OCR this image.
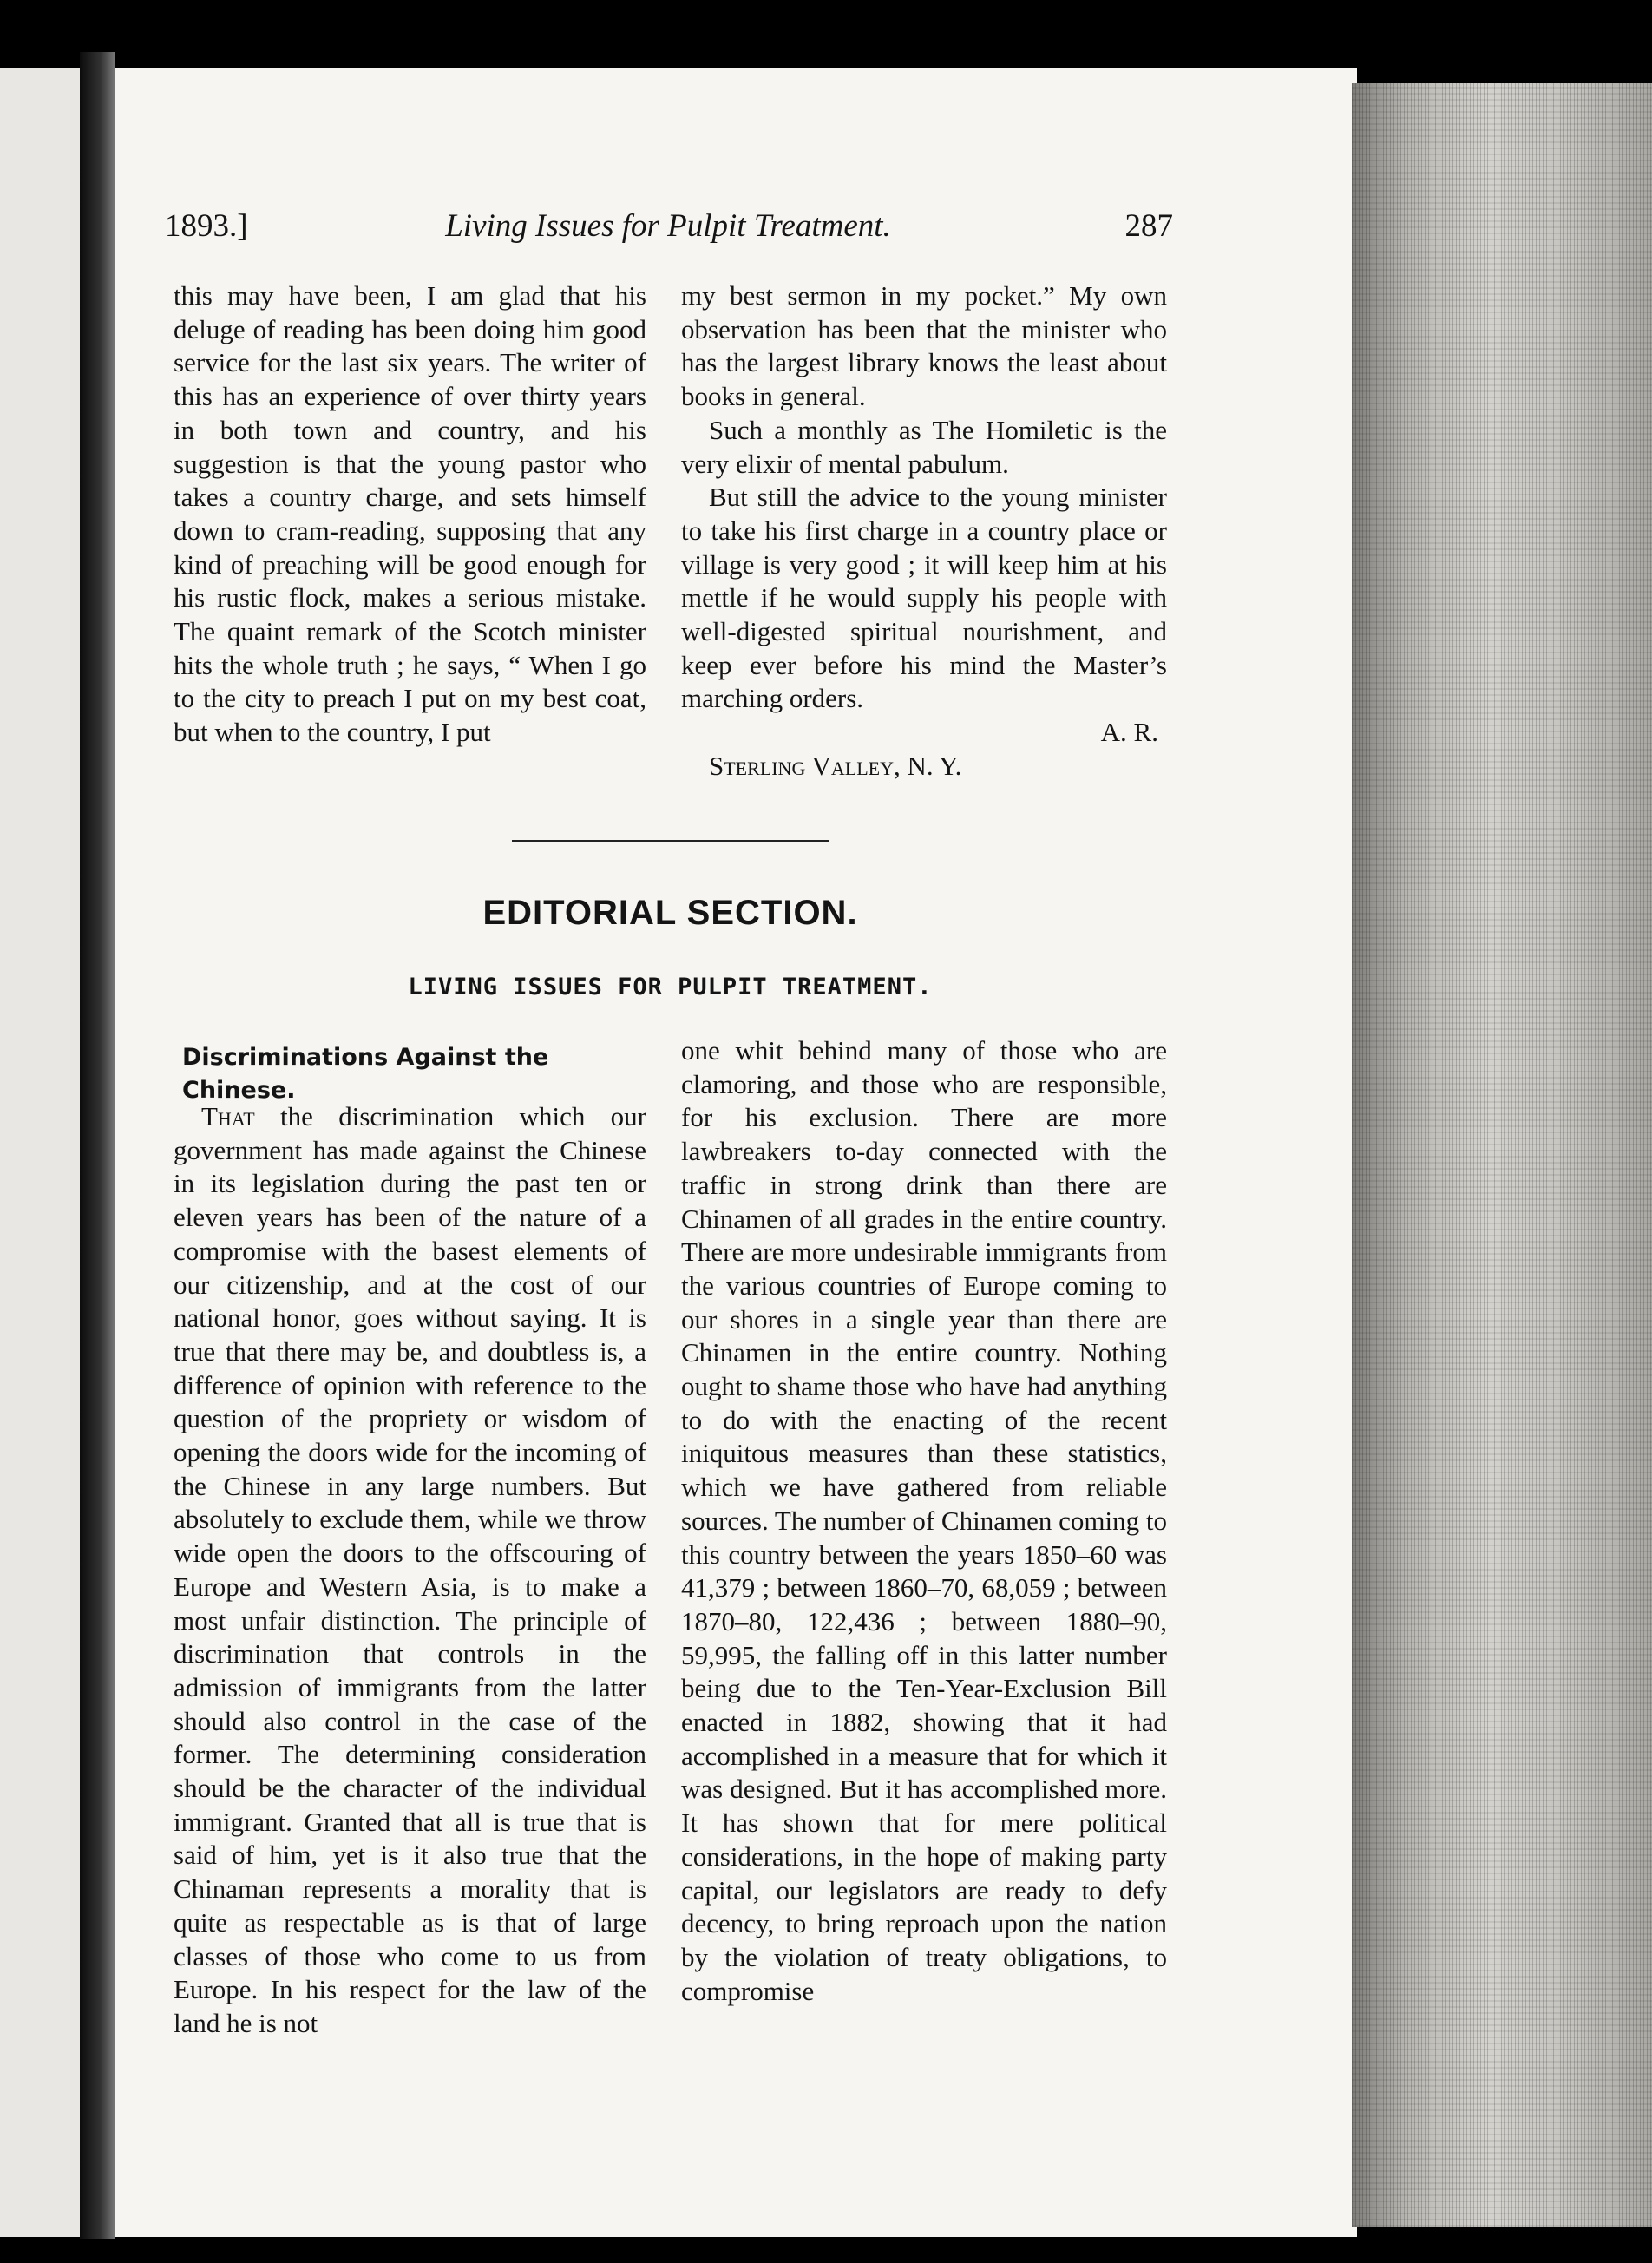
1893.]	Living Issues for Pulpit Treatment.	287

this may have been, I am glad that his deluge of reading has been doing him good service for the last six years. The writer of this has an experience of over thirty years in both town and country, and his suggestion is that the young pastor who takes a country charge, and sets himself down to cram-reading, supposing that any kind of preaching will be good enough for his rustic flock, makes a serious mistake. The quaint remark of the Scotch minister hits the whole truth ; he says, “ When I go to the city to preach I put on my best coat, but when to the country, I put

my best sermon in my pocket.” My own observation has been that the minister who has the largest library knows the least about books in general.

Such a monthly as The Homiletic is the very elixir of mental pabulum.

But still the advice to the young minister to take his first charge in a country place or village is very good ; it will keep him at his mettle if he would supply his people with well-digested spiritual nourishment, and keep ever before his mind the Master’s marching orders.

A. R.
Sterling Valley, N. Y.
EDITORIAL SECTION.
LIVING ISSUES FOR PULPIT TREATMENT.
Discriminations Against the Chinese.

That the discrimination which our government has made against the Chinese in its legislation during the past ten or eleven years has been of the nature of a compromise with the basest elements of our citizenship, and at the cost of our national honor, goes without saying. It is true that there may be, and doubtless is, a difference of opinion with reference to the question of the propriety or wisdom of opening the doors wide for the incoming of the Chinese in any large numbers. But absolutely to exclude them, while we throw wide open the doors to the offscouring of Europe and Western Asia, is to make a most unfair distinction. The principle of discrimination that controls in the admission of immigrants from the latter should also control in the case of the former. The determining consideration should be the character of the individual immigrant. Granted that all is true that is said of him, yet is it also true that the Chinaman represents a morality that is quite as respectable as is that of large classes of those who come to us from Europe. In his respect for the law of the land he is not

one whit behind many of those who are clamoring, and those who are responsible, for his exclusion. There are more lawbreakers to-day connected with the traffic in strong drink than there are Chinamen of all grades in the entire country. There are more undesirable immigrants from the various countries of Europe coming to our shores in a single year than there are Chinamen in the entire country. Nothing ought to shame those who have had anything to do with the enacting of the recent iniquitous measures than these statistics, which we have gathered from reliable sources. The number of Chinamen coming to this country between the years 1850–60 was 41,379 ; between 1860–70, 68,059 ; between 1870–80, 122,436 ; between 1880–90, 59,995, the falling off in this latter number being due to the Ten-Year-Exclusion Bill enacted in 1882, showing that it had accomplished in a measure that for which it was designed. But it has accomplished more. It has shown that for mere political considerations, in the hope of making party capital, our legislators are ready to defy decency, to bring reproach upon the nation by the violation of treaty obligations, to compromise
